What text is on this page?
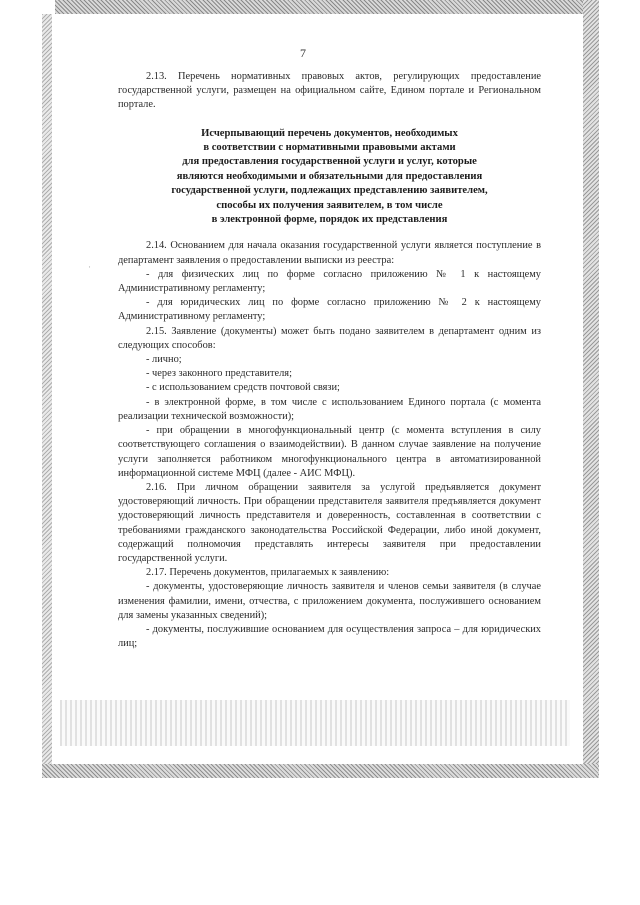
7
·

2.13. Перечень нормативных правовых актов, регулирующих предоставление государственной услуги, размещен на официальном сайте, Едином портале и Региональном портале.

Исчерпывающий перечень документов, необходимых
в соответствии с нормативными правовыми актами
для предоставления государственной услуги и услуг, которые
являются необходимыми и обязательными для предоставления
государственной услуги, подлежащих представлению заявителем,
способы их получения заявителем, в том числе
в электронной форме, порядок их представления

2.14. Основанием для начала оказания государственной услуги является поступление в департамент заявления о предоставлении выписки из реестра:

- для физических лиц по форме согласно приложению № 1 к настоящему Административному регламенту;

- для юридических лиц по форме согласно приложению № 2 к настоящему Административному регламенту;

2.15. Заявление (документы) может быть подано заявителем в департамент одним из следующих способов:

- лично;

- через законного представителя;

- с использованием средств почтовой связи;

- в электронной форме, в том числе с использованием Единого портала (с момента реализации технической возможности);

- при обращении в многофункциональный центр (с момента вступления в силу соответствующего соглашения о взаимодействии). В данном случае заявление на получение услуги заполняется работником многофункционального центра в автоматизированной информационной системе МФЦ (далее - АИС МФЦ).

2.16. При личном обращении заявителя за услугой предъявляется документ удостоверяющий личность. При обращении представителя заявителя предъявляется документ удостоверяющий личность представителя и доверенность, составленная в соответствии с требованиями гражданского законодательства Российской Федерации, либо иной документ, содержащий полномочия представлять интересы заявителя при предоставлении государственной услуги.

2.17. Перечень документов, прилагаемых к заявлению:

- документы, удостоверяющие личность заявителя и членов семьи заявителя (в случае изменения фамилии, имени, отчества, с приложением документа, послужившего основанием для замены указанных сведений);

- документы, послужившие основанием для осуществления запроса – для юридических лиц;
